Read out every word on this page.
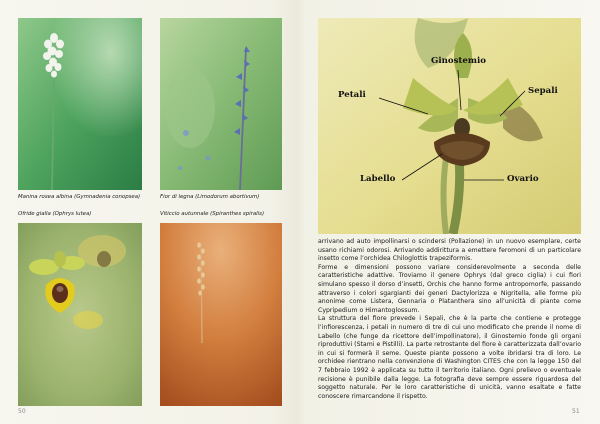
Manina rosea albina (Gymnadenia conopsea)	Fior di legna (Limodorum abortivum)
Ofride gialla (Ophrys lutea)	Viticcio autunnale (Spiranthes spiralis)
50
Ginostemio
Petali	Sepali
Labello	Ovario

arrivano ad auto impollinarsi o scindersi (Pollazione) in un nuovo esemplare, certe usano richiami odorosi. Arrivando addirittura a emettere feromoni di un particolare insetto come l’orchidea Chiloglottis trapeziformis.

Forme e dimensioni possono variare considerevolmente a seconda delle caratteristiche adattive. Troviamo il genere Ophrys (dal greco ciglia) i cui fiori simulano spesso il dorso d’insetti, Orchis che hanno forme antropomorfe, passando attraverso i colori sgargianti dei generi Dactylorizza e Nigritella, alle forme più anonime come Listera, Gennaria o Platanthera sino all’unicità di piante come Cypripedium o Himantoglossum.

La struttura del fiore prevede i Sepali, che è la parte che contiene e protegge l’infiorescenza, i petali in numero di tre di cui uno modificato che prende il nome di Labello (che funge da ricettore dell’impollinatore), il Ginostemio fonde gli organi riproduttivi (Stami e Pistilli). La parte retrostante del fiore è caratterizzata dall’ovario in cui si formerà il seme. Queste piante possono a volte ibridarsi tra di loro. Le orchidee rientrano nella convenzione di Washington CITES che con la legge 150 del 7 febbraio 1992 è applicata su tutto il territorio italiano. Ogni prelievo o eventuale recisione è punibile dalla legge. La fotografia deve sempre essere riguardosa del soggetto naturale. Per le loro caratteristiche di unicità, vanno esaltate e fatte conoscere rimarcandone il rispetto.

51
